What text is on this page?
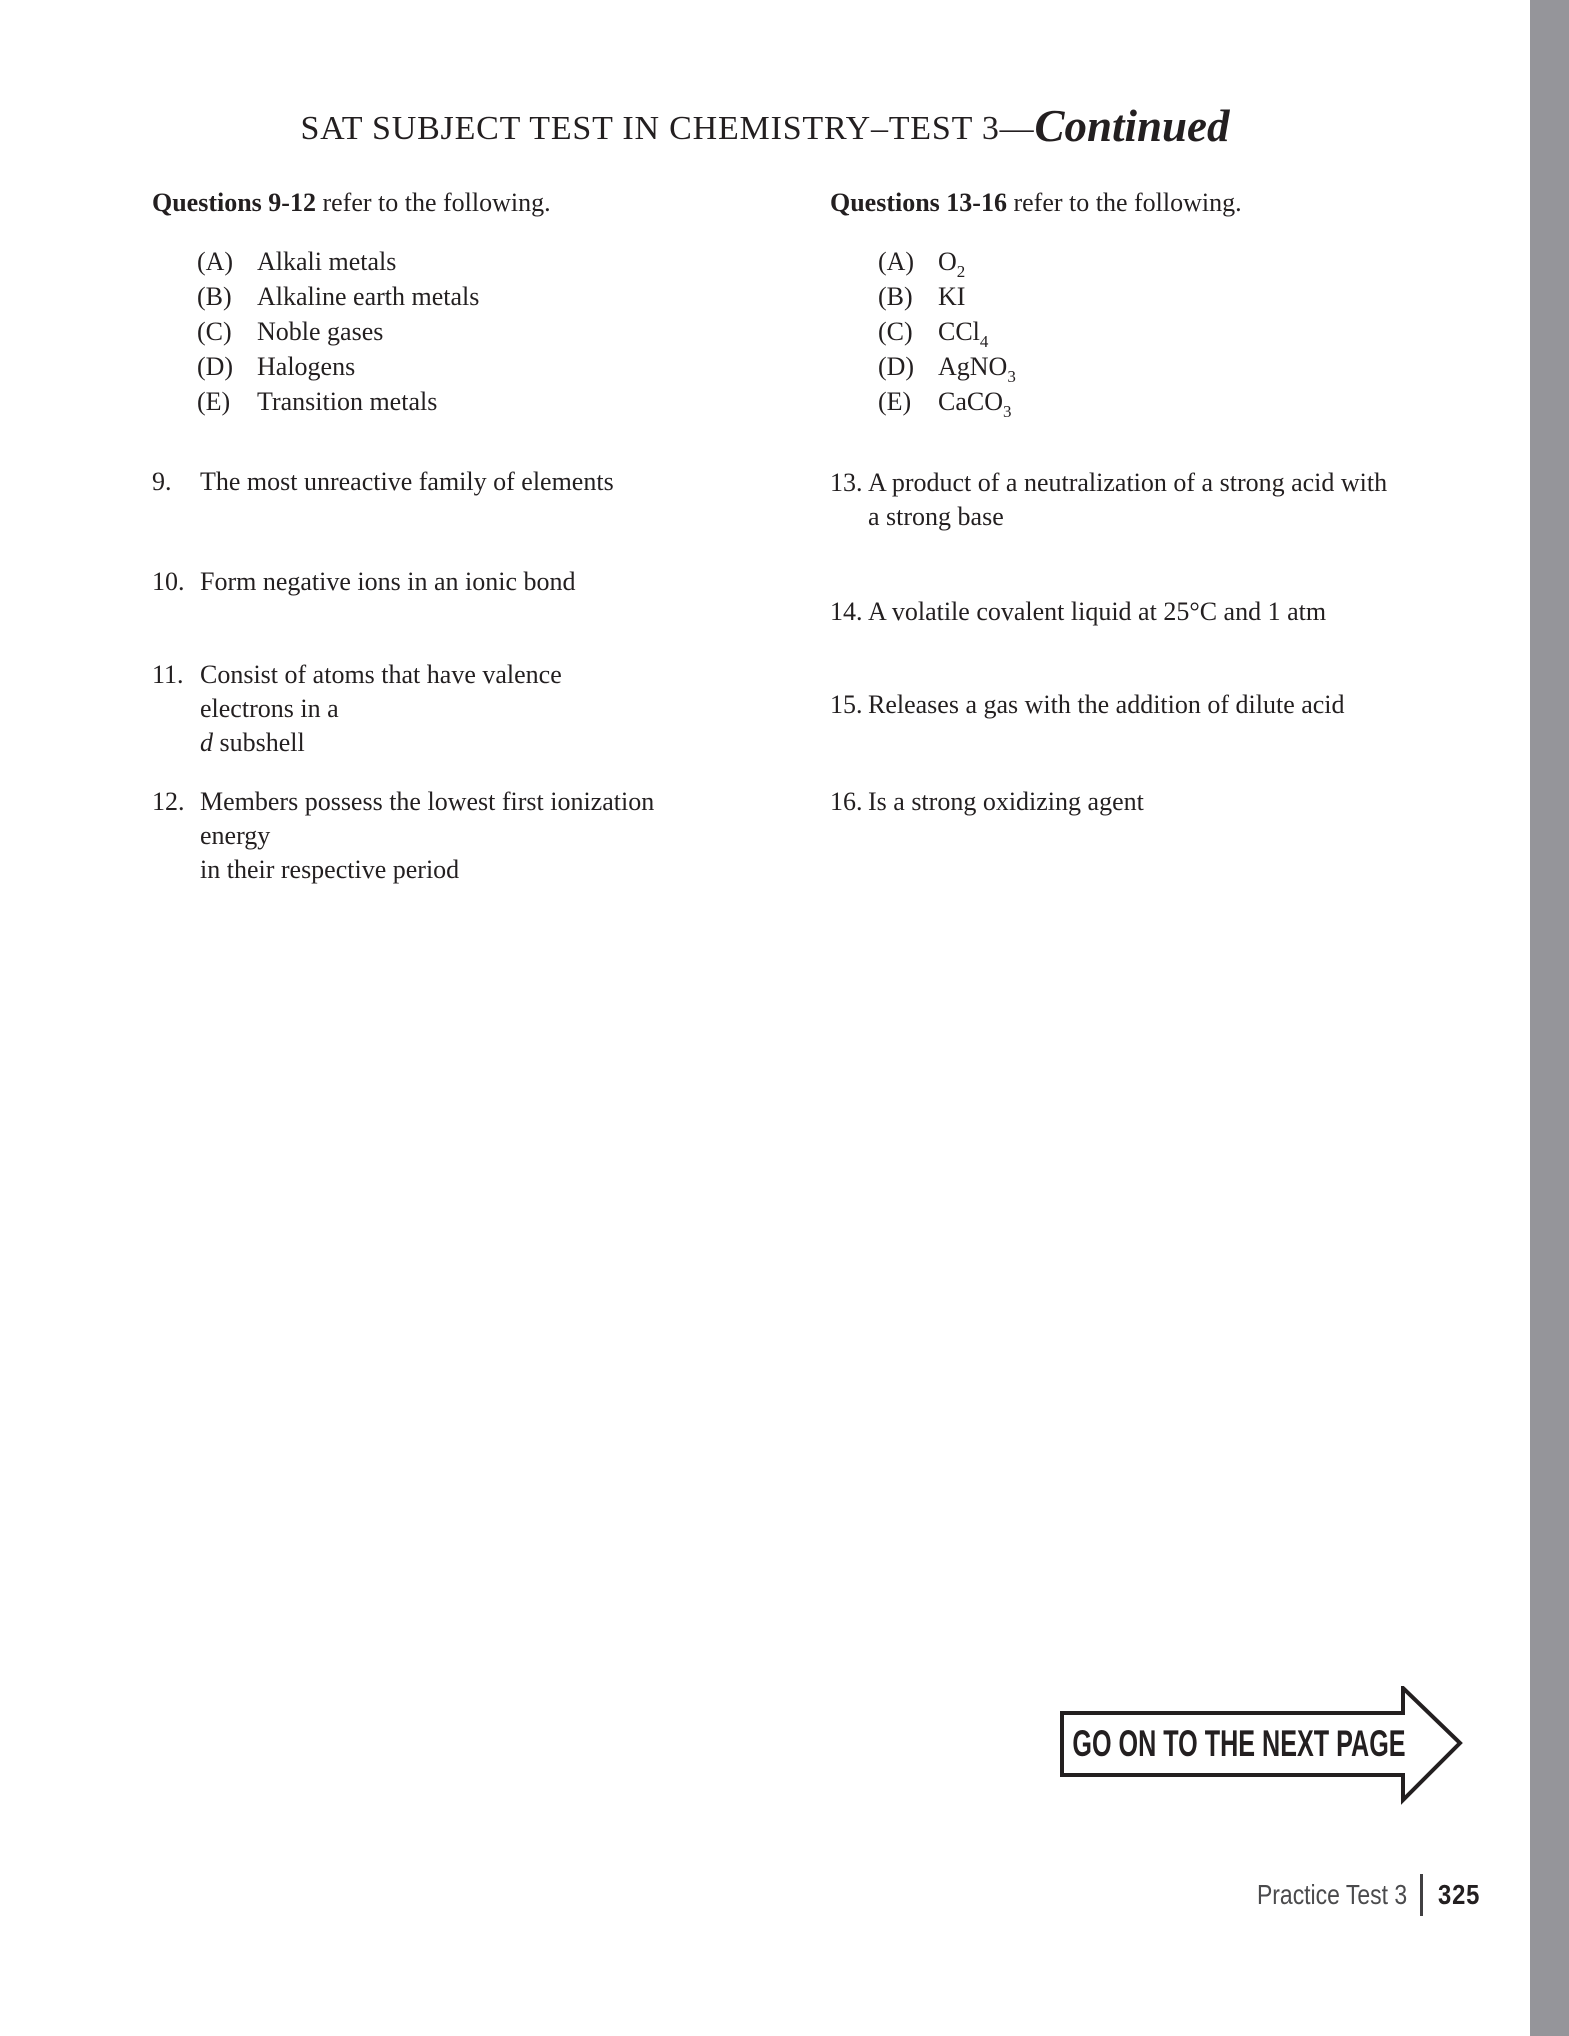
SAT SUBJECT TEST IN CHEMISTRY–TEST 3—Continued
Questions 9-12 refer to the following.
(A) Alkali metals
(B) Alkaline earth metals
(C) Noble gases
(D) Halogens
(E) Transition metals
9.	The most unreactive family of elements
10. Form negative ions in an ionic bond
11. Consist of atoms that have valence electrons in a
d subshell
12. Members possess the lowest first ionization energy
in their respective period
Questions 13-16 refer to the following.
(A) $O_2$
(B) KI
(C) CCl$_4$
(D) AgNO$_3$
(E) CaCO$_3$
13. A product of a neutralization of a strong acid with
a strong base
14. A volatile covalent liquid at 25°C and 1 atm
15. Releases a gas with the addition of dilute acid
16. Is a strong oxidizing agent
GO ON TO THE NEXT PAGE
Practice Test 3 325
